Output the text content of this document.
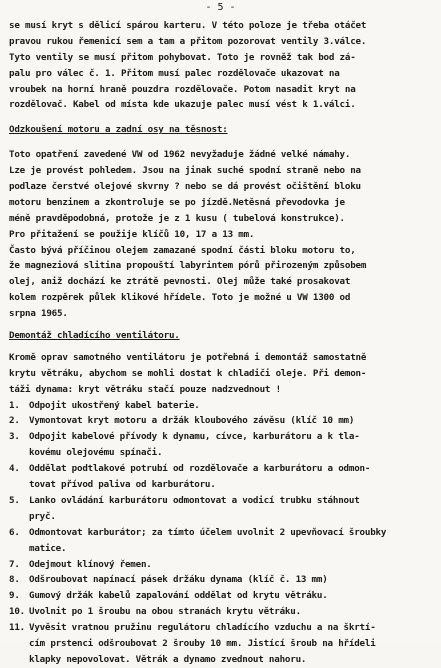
- 5 -
se musí kryt s dělicí spárou karteru. V této poloze je třeba otáčet
pravou rukou řemenicí sem a tam a přitom pozorovat ventily 3.válce.
Tyto ventily se musí přitom pohybovat. Toto je rovněž tak bod zá-
palu pro válec č. 1. Přitom musí palec rozdělovače ukazovat na
vroubek na horní hraně pouzdra rozdělovače. Potom nasadit kryt na
rozdělovač. Kabel od místa kde ukazuje palec musí vést k 1.válci.
Odzkoušení motoru a zadní osy na těsnost:
Toto opatření zavedené VW od 1962 nevyžaduje žádné velké námahy.
Lze je provést pohledem. Jsou na jinak suché spodní straně nebo na
podlaze čerstvé olejové skvrny ? nebo se dá provést očištění bloku
motoru benzinem a zkontroluje se po jízdě.Netěsná převodovka je
méně pravděpodobná, protože je z 1 kusu ( tubelová konstrukce).
Pro přitažení se použije klíčů 10, 17 a 13 mm.
Často bývá příčinou olejem zamazané spodní části bloku motoru to,
že magneziová slitina propouští labyrintem pórů přirozeným způsobem
olej, aniž dochází ke ztrátě pevnosti. Olej může také prosakovat
kolem rozpěrek půlek klikové hřídele. Toto je možné u VW 1300 od
srpna 1965.
Demontáž chladícího ventilátoru.
Kromě oprav samotného ventilátoru je potřebná i demontáž samostatně
krytu větráku, abychom se mohli dostat k chladiči oleje. Při demon-
táži dynama: kryt větráku stačí pouze nadzvednout !
1.	Odpojit ukostřený kabel baterie.
2.	Vymontovat kryt motoru a držák kloubového závěsu (klíč 10 mm)
3.	Odpojit kabelové přívody k dynamu, cívce, karburátoru a k tla-
kovému olejovému spínači.
4.	Oddělat podtlakové potrubí od rozdělovače a karburátoru a odmon-
tovat přívod paliva od karburátoru.
5.	Lanko ovládání karburátoru odmontovat a vodicí trubku stáhnout
pryč.
6.	Odmontovat karburátor; za tímto účelem uvolnit 2 upevňovací šroubky
matice.
7.	Odejmout klínový řemen.
8.	Odšroubovat napínací pásek držáku dynama (klíč č. 13 mm)
9.	Gumový držák kabelů zapalování oddělat od krytu větráku.
10. Uvolnit po 1 šroubu na obou stranách krytu větráku.
11. Vyvěsit vratnou pružinu regulátoru chladícího vzduchu a na škrtí-
cím prstenci odšroubovat 2 šrouby 10 mm. Jistící šroub na hřídeli
klapky nepovolovat. Větrák a dynamo zvednout nahoru.
